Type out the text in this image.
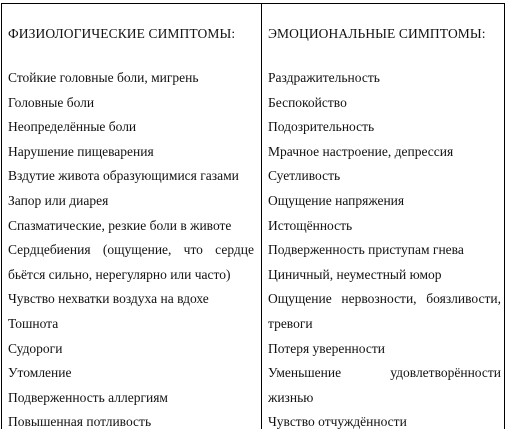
ФИЗИОЛОГИЧЕСКИЕ СИМПТОМЫ:
Стойкие головные боли, мигрень
Головные боли
Неопределённые боли
Нарушение пищеварения
Вздутие живота образующимися газами
Запор или диарея
Спазматические, резкие боли в животе
Сердцебиения (ощущение, что сердце бьётся сильно, нерегулярно или часто)
Чувство нехватки воздуха на вдохе
Тошнота
Судороги
Утомление
Подверженность аллергиям
Повышенная потливость
ЭМОЦИОНАЛЬНЫЕ СИМПТОМЫ:
Раздражительность
Беспокойство
Подозрительность
Мрачное настроение, депрессия
Суетливость
Ощущение напряжения
Истощённость
Подверженность приступам гнева
Циничный, неуместный юмор
Ощущение нервозности, боязливости, тревоги
Потеря уверенности
Уменьшение удовлетворённости жизнью
Чувство отчуждённости
